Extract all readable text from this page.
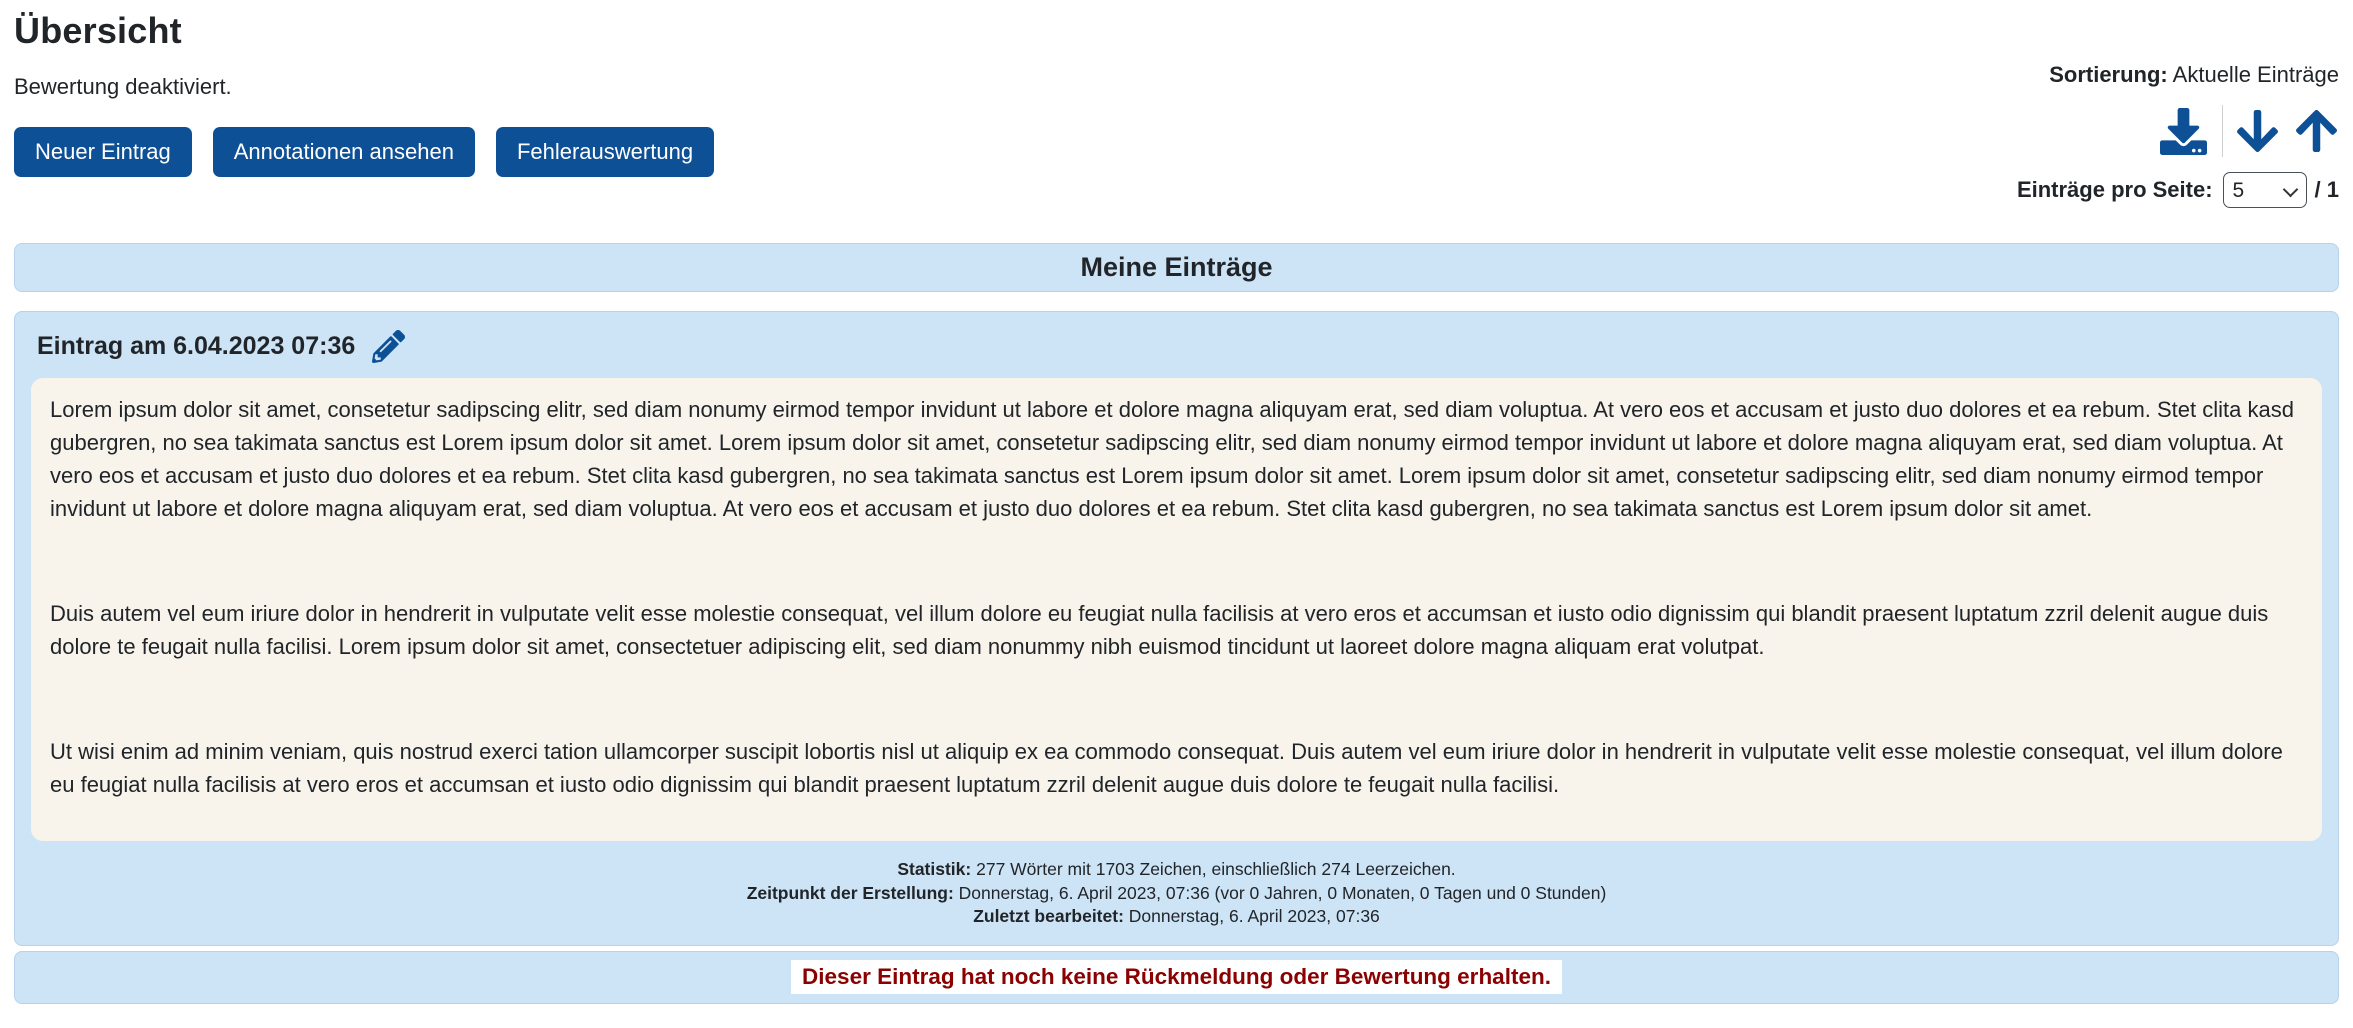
Übersicht
Bewertung deaktiviert.
Neuer Eintrag	Annotationen ansehen	Fehlerauswertung
Sortierung: Aktuelle Einträge
Einträge pro Seite:
5	/ 1
Meine Einträge
Eintrag am 6.04.2023 07:36

Lorem ipsum dolor sit amet, consetetur sadipscing elitr, sed diam nonumy eirmod tempor invidunt ut labore et dolore magna aliquyam erat, sed diam voluptua. At vero eos et accusam et justo duo dolores et ea rebum. Stet clita kasd gubergren, no sea takimata sanctus est Lorem ipsum dolor sit amet. Lorem ipsum dolor sit amet, consetetur sadipscing elitr, sed diam nonumy eirmod tempor invidunt ut labore et dolore magna aliquyam erat, sed diam voluptua. At vero eos et accusam et justo duo dolores et ea rebum. Stet clita kasd gubergren, no sea takimata sanctus est Lorem ipsum dolor sit amet. Lorem ipsum dolor sit amet, consetetur sadipscing elitr, sed diam nonumy eirmod tempor invidunt ut labore et dolore magna aliquyam erat, sed diam voluptua. At vero eos et accusam et justo duo dolores et ea rebum. Stet clita kasd gubergren, no sea takimata sanctus est Lorem ipsum dolor sit amet.

Duis autem vel eum iriure dolor in hendrerit in vulputate velit esse molestie consequat, vel illum dolore eu feugiat nulla facilisis at vero eros et accumsan et iusto odio dignissim qui blandit praesent luptatum zzril delenit augue duis dolore te feugait nulla facilisi. Lorem ipsum dolor sit amet, consectetuer adipiscing elit, sed diam nonummy nibh euismod tincidunt ut laoreet dolore magna aliquam erat volutpat.

Ut wisi enim ad minim veniam, quis nostrud exerci tation ullamcorper suscipit lobortis nisl ut aliquip ex ea commodo consequat. Duis autem vel eum iriure dolor in hendrerit in vulputate velit esse molestie consequat, vel illum dolore eu feugiat nulla facilisis at vero eros et accumsan et iusto odio dignissim qui blandit praesent luptatum zzril delenit augue duis dolore te feugait nulla facilisi.

Statistik: 277 Wörter mit 1703 Zeichen, einschließlich 274 Leerzeichen.
Zeitpunkt der Erstellung: Donnerstag, 6. April 2023, 07:36 (vor 0 Jahren, 0 Monaten, 0 Tagen und 0 Stunden)
Zuletzt bearbeitet: Donnerstag, 6. April 2023, 07:36
Dieser Eintrag hat noch keine Rückmeldung oder Bewertung erhalten.
